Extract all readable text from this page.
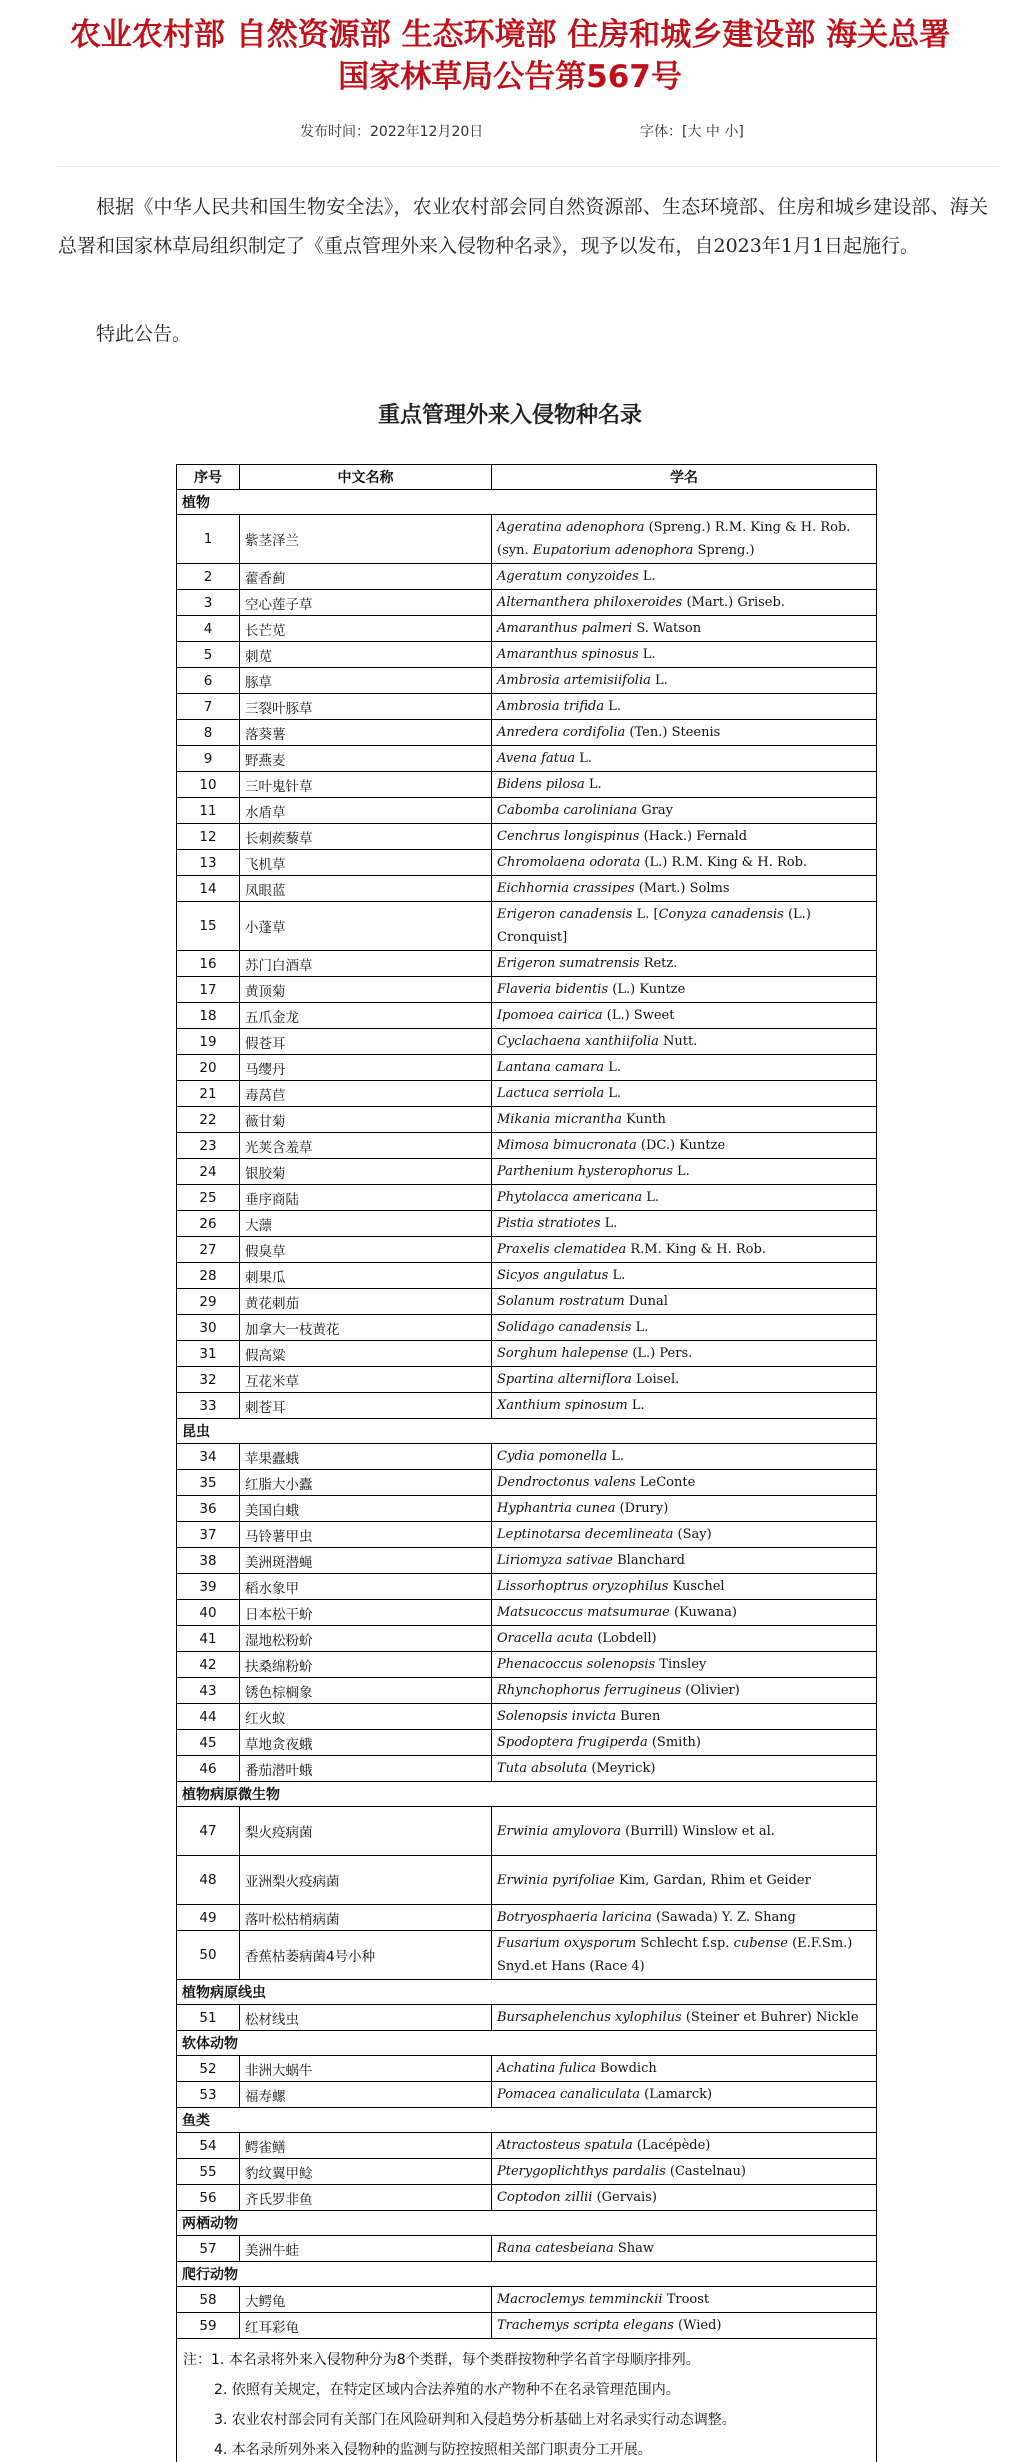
农业农村部 自然资源部 生态环境部 住房和城乡建设部 海关总署 国家林草局公告第567号
发布时间：2022年12月20日	字体：[大 中 小]

根据《中华人民共和国生物安全法》，农业农村部会同自然资源部、生态环境部、住房和城乡建设部、海关总署和国家林草局组织制定了《重点管理外来入侵物种名录》，现予以发布，自2023年1月1日起施行。

特此公告。

重点管理外来入侵物种名录
序号	中文名称	学名
植物		
1	紫茎泽兰	Ageratina adenophora (Spreng.) R.M. King & H. Rob.
(syn. Eupatorium adenophora Spreng.)
2	藿香蓟	Ageratum conyzoides L.
3	空心莲子草	Alternanthera philoxeroides (Mart.) Griseb.
4	长芒苋	Amaranthus palmeri S. Watson
5	刺苋	Amaranthus spinosus L.
6	豚草	Ambrosia artemisiifolia L.
7	三裂叶豚草	Ambrosia trifida L.
8	落葵薯	Anredera cordifolia (Ten.) Steenis
9	野燕麦	Avena fatua L.
10	三叶鬼针草	Bidens pilosa L.
11	水盾草	Cabomba caroliniana Gray
12	长刺蒺藜草	Cenchrus longispinus (Hack.) Fernald
13	飞机草	Chromolaena odorata (L.) R.M. King & H. Rob.
14	凤眼蓝	Eichhornia crassipes (Mart.) Solms
15	小蓬草	Erigeron canadensis L. [Conyza canadensis (L.)
Cronquist]
16	苏门白酒草	Erigeron sumatrensis Retz.
17	黄顶菊	Flaveria bidentis (L.) Kuntze
18	五爪金龙	Ipomoea cairica (L.) Sweet
19	假苍耳	Cyclachaena xanthiifolia Nutt.
20	马缨丹	Lantana camara L.
21	毒莴苣	Lactuca serriola L.
22	薇甘菊	Mikania micrantha Kunth
23	光荚含羞草	Mimosa bimucronata (DC.) Kuntze
24	银胶菊	Parthenium hysterophorus L.
25	垂序商陆	Phytolacca americana L.
26	大薸	Pistia stratiotes L.
27	假臭草	Praxelis clematidea R.M. King & H. Rob.
28	刺果瓜	Sicyos angulatus L.
29	黄花刺茄	Solanum rostratum Dunal
30	加拿大一枝黄花	Solidago canadensis L.
31	假高粱	Sorghum halepense (L.) Pers.
32	互花米草	Spartina alterniflora Loisel.
33	刺苍耳	Xanthium spinosum L.
昆虫		
34	苹果蠹蛾	Cydia pomonella L.
35	红脂大小蠹	Dendroctonus valens LeConte
36	美国白蛾	Hyphantria cunea (Drury)
37	马铃薯甲虫	Leptinotarsa decemlineata (Say)
38	美洲斑潜蝇	Liriomyza sativae Blanchard
39	稻水象甲	Lissorhoptrus oryzophilus Kuschel
40	日本松干蚧	Matsucoccus matsumurae (Kuwana)
41	湿地松粉蚧	Oracella acuta (Lobdell)
42	扶桑绵粉蚧	Phenacoccus solenopsis Tinsley
43	锈色棕榈象	Rhynchophorus ferrugineus (Olivier)
44	红火蚁	Solenopsis invicta Buren
45	草地贪夜蛾	Spodoptera frugiperda (Smith)
46	番茄潜叶蛾	Tuta absoluta (Meyrick)
植物病原微生物		
47	梨火疫病菌	Erwinia amylovora (Burrill) Winslow et al.
48	亚洲梨火疫病菌	Erwinia pyrifoliae Kim, Gardan, Rhim et Geider
49	落叶松枯梢病菌	Botryosphaeria laricina (Sawada) Y. Z. Shang
50	香蕉枯萎病菌4号小种	Fusarium oxysporum Schlecht f.sp. cubense (E.F.Sm.)
Snyd.et Hans (Race 4)
植物病原线虫		
51	松材线虫	Bursaphelenchus xylophilus (Steiner et Buhrer) Nickle
软体动物		
52	非洲大蜗牛	Achatina fulica Bowdich
53	福寿螺	Pomacea canaliculata (Lamarck)
鱼类		
54	鳄雀鳝	Atractosteus spatula (Lacépède)
55	豹纹翼甲鲶	Pterygoplichthys pardalis (Castelnau)
56	齐氏罗非鱼	Coptodon zillii (Gervais)
两栖动物		
57	美洲牛蛙	Rana catesbeiana Shaw
爬行动物		
58	大鳄龟	Macroclemys temminckii Troost
59	红耳彩龟	Trachemys scripta elegans (Wied)

注：1. 本名录将外来入侵物种分为8个类群，每个类群按物种学名首字母顺序排列。
2. 依照有关规定，在特定区域内合法养殖的水产物种不在名录管理范围内。
3. 农业农村部会同有关部门在风险研判和入侵趋势分析基础上对名录实行动态调整。
4. 本名录所列外来入侵物种的监测与防控按照相关部门职责分工开展。		
